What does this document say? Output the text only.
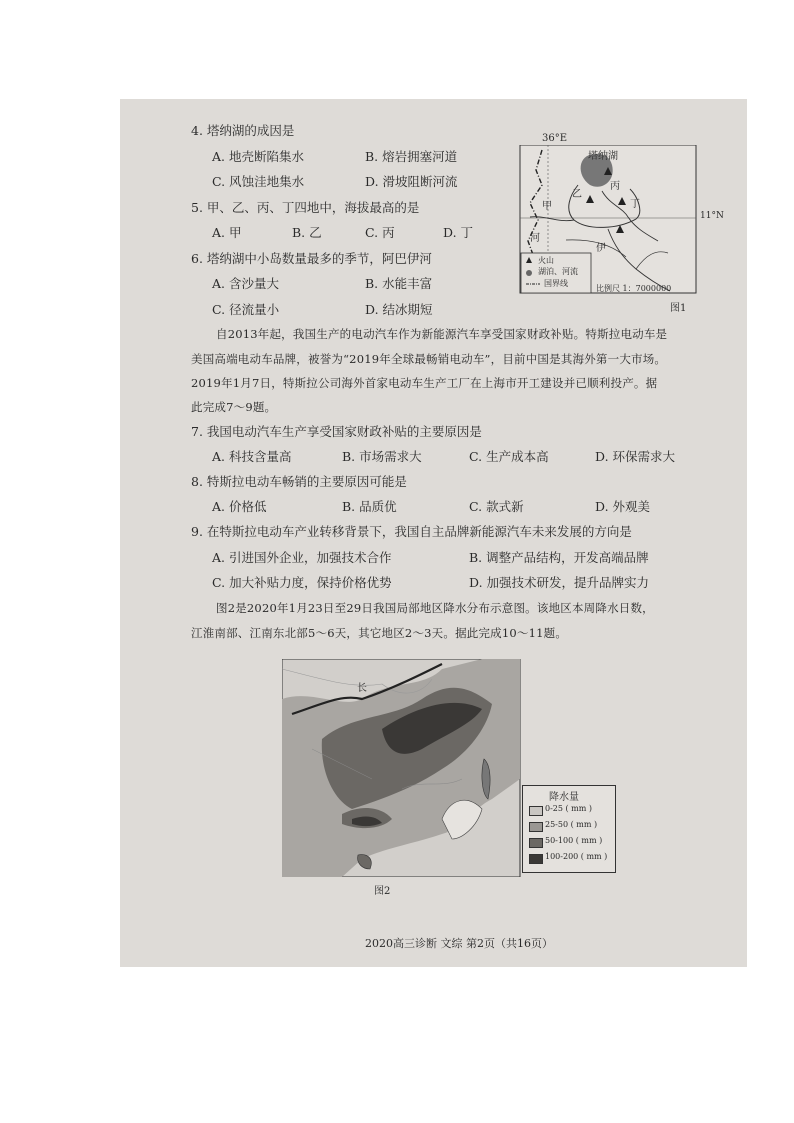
4. 塔纳湖的成因是
A. 地壳断陷集水	B. 熔岩拥塞河道
C. 风蚀洼地集水	D. 滑坡阻断河流
5. 甲、乙、丙、丁四地中，海拔最高的是
A. 甲	B. 乙	C. 丙	D. 丁
6. 塔纳湖中小岛数量最多的季节，阿巴伊河
A. 含沙量大	B. 水能丰富
C. 径流量小	D. 结冰期短
36°E
11°N
塔纳湖
甲
乙
丙
丁
河
伊
火山
湖泊、河流
国界线
比例尺 1：7000000
图1
自2013年起，我国生产的电动汽车作为新能源汽车享受国家财政补贴。特斯拉电动车是
美国高端电动车品牌，被誉为“2019年全球最畅销电动车”，目前中国是其海外第一大市场。
2019年1月7日，特斯拉公司海外首家电动车生产工厂在上海市开工建设并已顺利投产。据
此完成7～9题。
7. 我国电动汽车生产享受国家财政补贴的主要原因是
A. 科技含量高	B. 市场需求大	C. 生产成本高	D. 环保需求大
8. 特斯拉电动车畅销的主要原因可能是
A. 价格低	B. 品质优	C. 款式新	D. 外观美
9. 在特斯拉电动车产业转移背景下，我国自主品牌新能源汽车未来发展的方向是
A. 引进国外企业，加强技术合作	B. 调整产品结构，开发高端品牌
C. 加大补贴力度，保持价格优势	D. 加强技术研发，提升品牌实力
图2是2020年1月23日至29日我国局部地区降水分布示意图。该地区本周降水日数，
江淮南部、江南东北部5～6天，其它地区2～3天。据此完成10～11题。
长
图2
降水量
0-25 ( mm )
25-50 ( mm )
50-100 ( mm )
100-200 ( mm )
2020高三诊断 文综 第2页（共16页）
